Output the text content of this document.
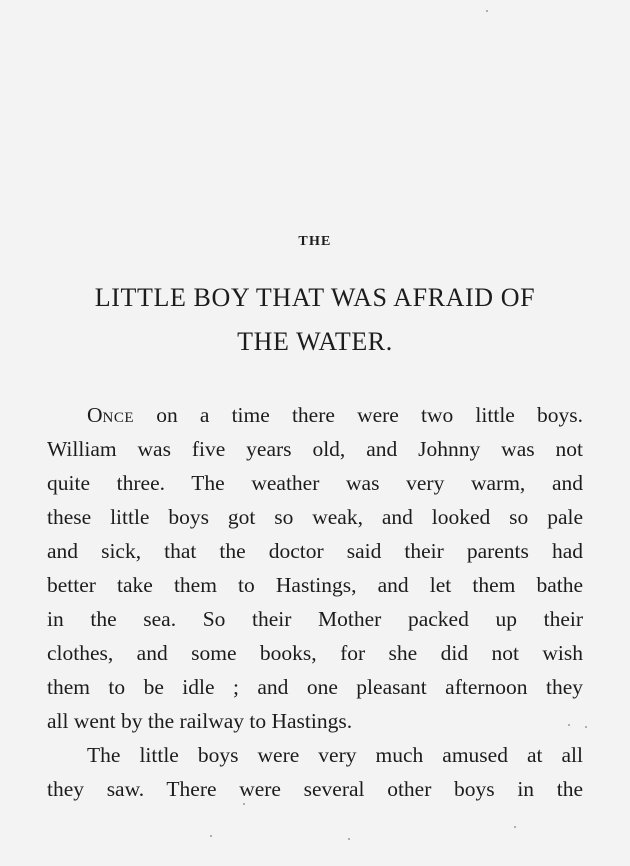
THE
LITTLE BOY THAT WAS AFRAID OF
THE WATER.
ONCE on a time there were two little boys.
William was five years old, and Johnny was not
quite three. The weather was very warm, and
these little boys got so weak, and looked so pale
and sick, that the doctor said their parents had
better take them to Hastings, and let them bathe
in the sea. So their Mother packed up their
clothes, and some books, for she did not wish
them to be idle ; and one pleasant afternoon they
all went by the railway to Hastings.
The little boys were very much amused at all
they saw. There were several other boys in the
